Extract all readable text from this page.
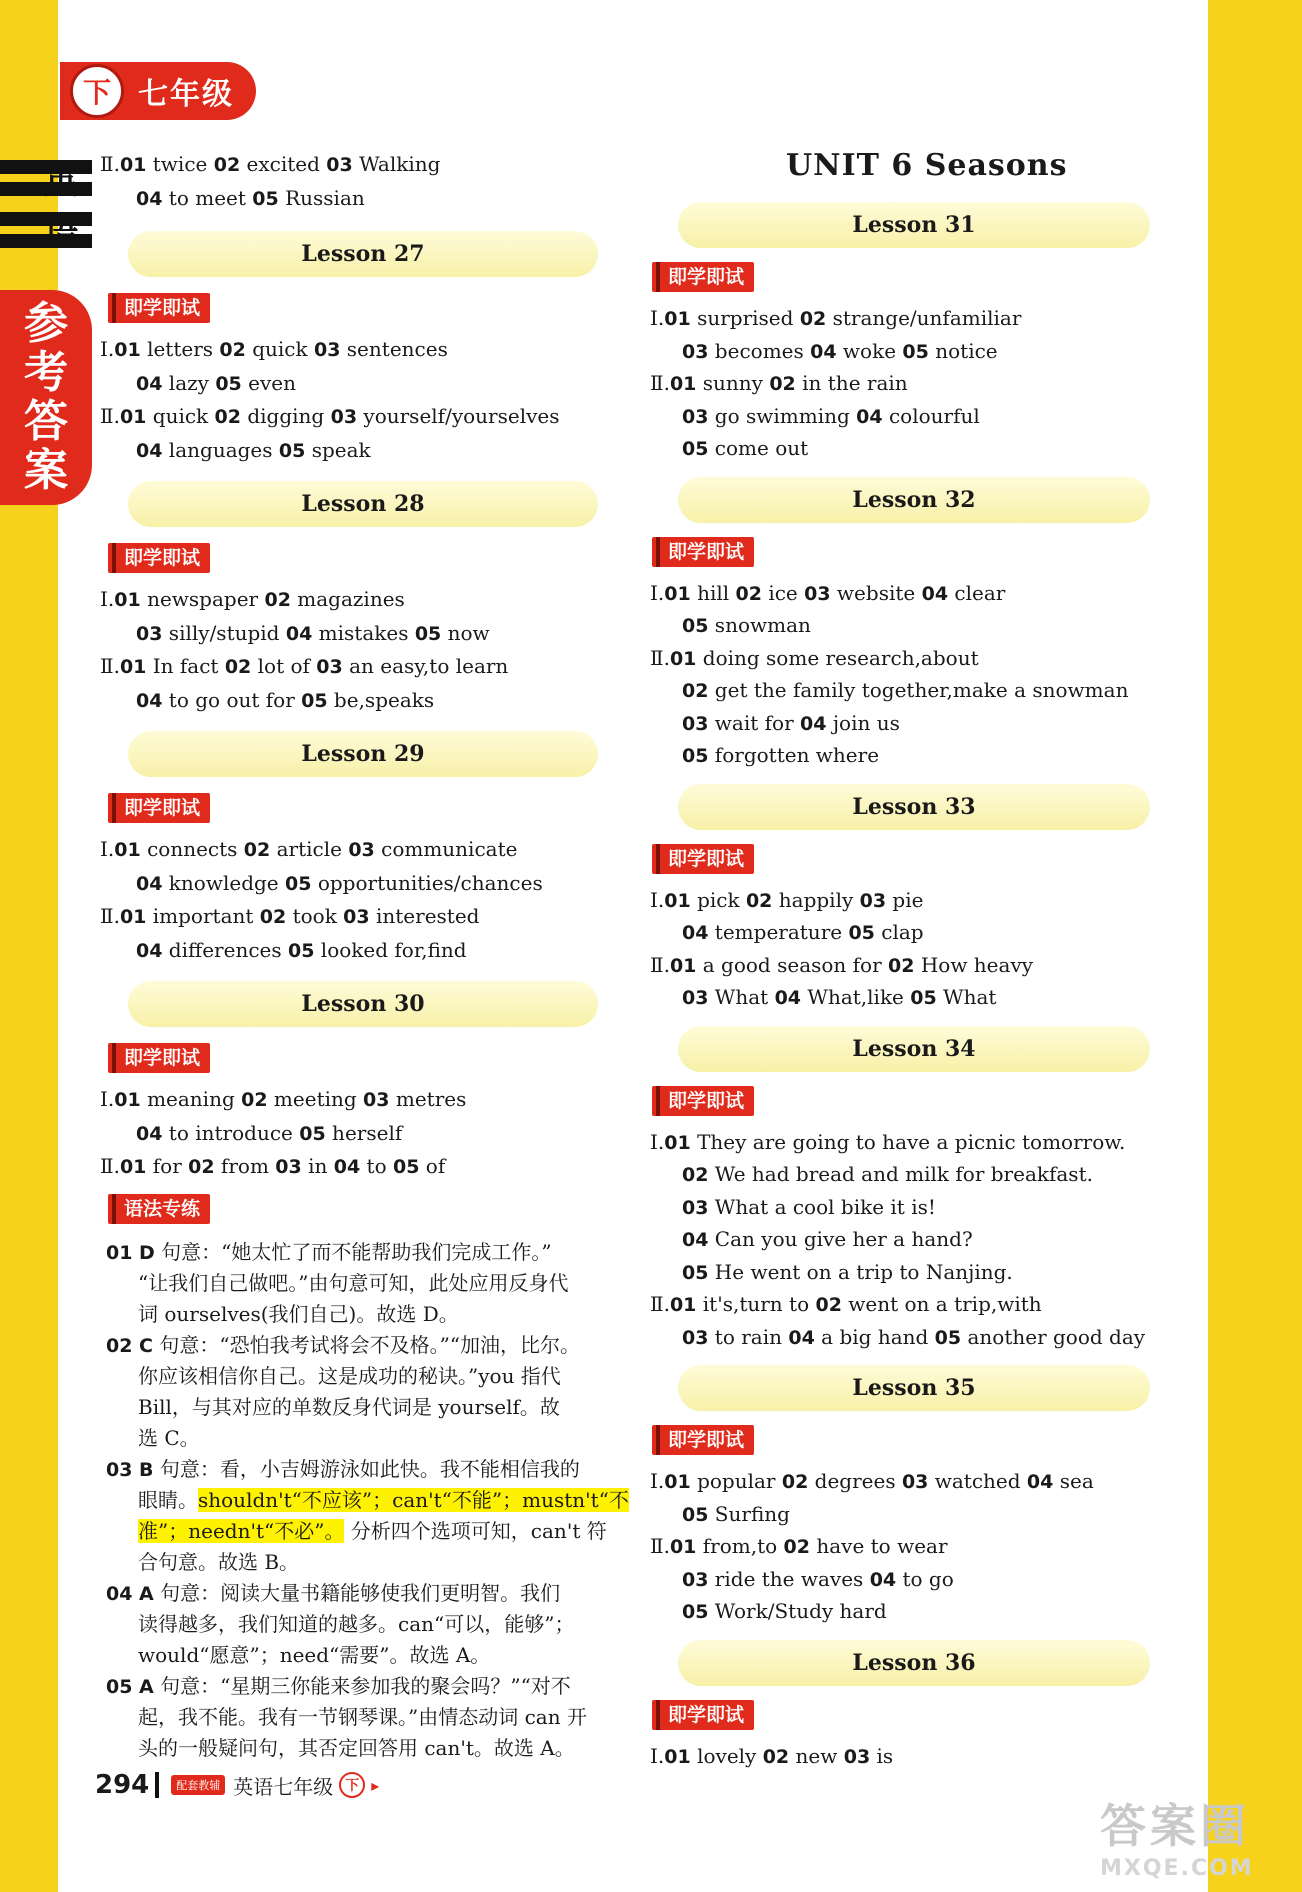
下 七年级
英
语
参
考
答
案
Ⅱ.01 twice 02 excited 03 Walking
04 to meet 05 Russian
Lesson 27
即学即试
Ⅰ.01 letters 02 quick 03 sentences
04 lazy 05 even
Ⅱ.01 quick 02 digging 03 yourself/yourselves
04 languages 05 speak
Lesson 28
即学即试
Ⅰ.01 newspaper 02 magazines
03 silly/stupid 04 mistakes 05 now
Ⅱ.01 In fact 02 lot of 03 an easy,to learn
04 to go out for 05 be,speaks
Lesson 29
即学即试
Ⅰ.01 connects 02 article 03 communicate
04 knowledge 05 opportunities/chances
Ⅱ.01 important 02 took 03 interested
04 differences 05 looked for,find
Lesson 30
即学即试
Ⅰ.01 meaning 02 meeting 03 metres
04 to introduce 05 herself
Ⅱ.01 for 02 from 03 in 04 to 05 of
语法专练
01 D 句意：“她太忙了而不能帮助我们完成工作。”
“让我们自己做吧。”由句意可知，此处应用反身代
词 ourselves(我们自己)。故选 D。
02 C 句意：“恐怕我考试将会不及格。”“加油，比尔。
你应该相信你自己。这是成功的秘诀。”you 指代
Bill，与其对应的单数反身代词是 yourself。故
选 C。
03 B 句意：看，小吉姆游泳如此快。我不能相信我的
眼睛。shouldn't“不应该”；can't“不能”；mustn't“不
准”；needn't“不必”。 分析四个选项可知，can't 符
合句意。故选 B。
04 A 句意：阅读大量书籍能够使我们更明智。我们
读得越多，我们知道的越多。can“可以，能够”；
would“愿意”；need“需要”。故选 A。
05 A 句意：“星期三你能来参加我的聚会吗？”“对不
起，我不能。我有一节钢琴课。”由情态动词 can 开
头的一般疑问句，其否定回答用 can't。故选 A。
UNIT 6 Seasons
Lesson 31
即学即试
Ⅰ.01 surprised 02 strange/unfamiliar
03 becomes 04 woke 05 notice
Ⅱ.01 sunny 02 in the rain
03 go swimming 04 colourful
05 come out
Lesson 32
即学即试
Ⅰ.01 hill 02 ice 03 website 04 clear
05 snowman
Ⅱ.01 doing some research,about
02 get the family together,make a snowman
03 wait for 04 join us
05 forgotten where
Lesson 33
即学即试
Ⅰ.01 pick 02 happily 03 pie
04 temperature 05 clap
Ⅱ.01 a good season for 02 How heavy
03 What 04 What,like 05 What
Lesson 34
即学即试
Ⅰ.01 They are going to have a picnic tomorrow.
02 We had bread and milk for breakfast.
03 What a cool bike it is!
04 Can you give her a hand?
05 He went on a trip to Nanjing.
Ⅱ.01 it's,turn to 02 went on a trip,with
03 to rain 04 a big hand 05 another good day
Lesson 35
即学即试
Ⅰ.01 popular 02 degrees 03 watched 04 sea
05 Surfing
Ⅱ.01 from,to 02 have to wear
03 ride the waves 04 to go
05 Work/Study hard
Lesson 36
即学即试
Ⅰ.01 lovely 02 new 03 is
294	配套教辅 英语七年级 下 ▸
答案圈
MXQE.COM
